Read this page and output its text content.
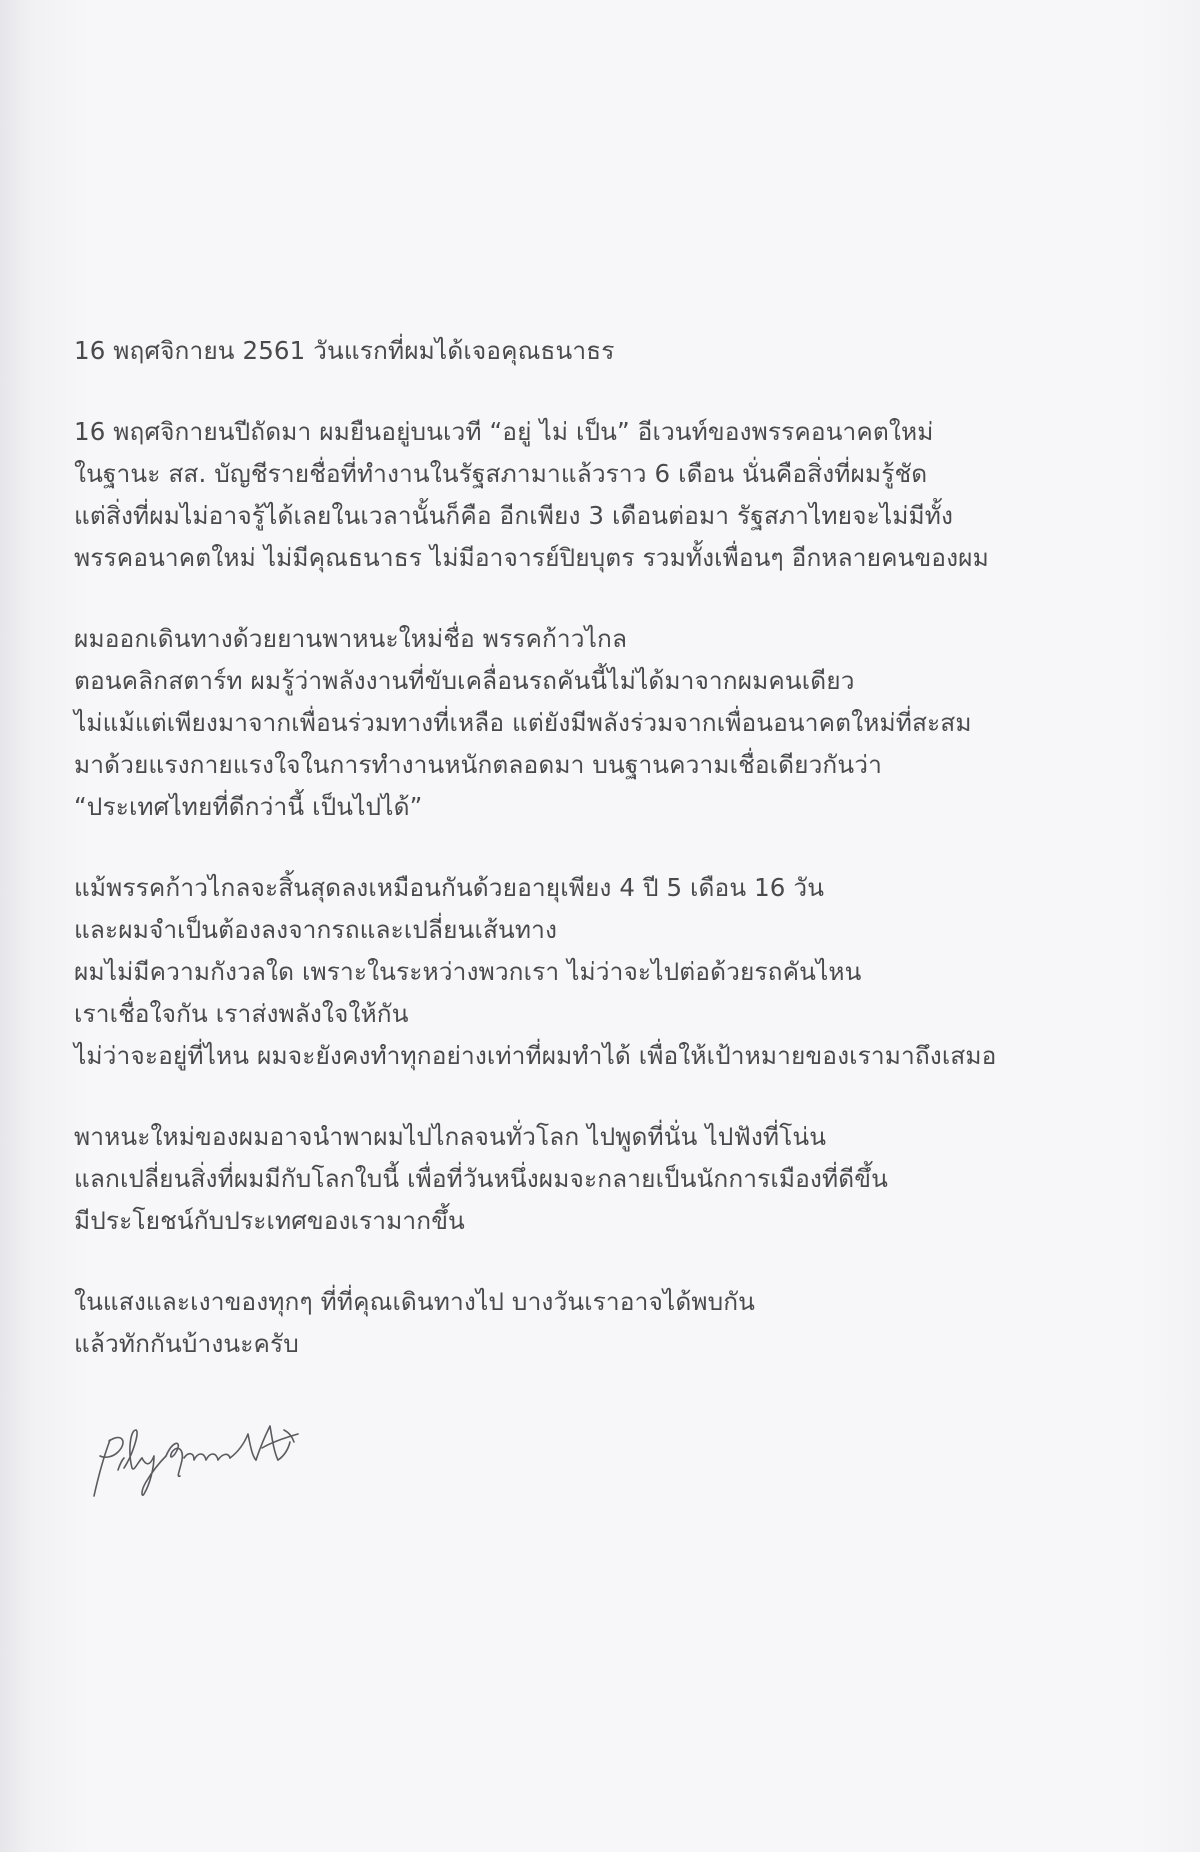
16 พฤศจิกายน 2561 วันแรกที่ผมได้เจอคุณธนาธร

16 พฤศจิกายนปีถัดมา ผมยืนอยู่บนเวที “อยู่ ไม่ เป็น” อีเวนท์ของพรรคอนาคตใหม่
ในฐานะ สส. บัญชีรายชื่อที่ทำงานในรัฐสภามาแล้วราว 6 เดือน นั่นคือสิ่งที่ผมรู้ชัด
แต่สิ่งที่ผมไม่อาจรู้ได้เลยในเวลานั้นก็คือ อีกเพียง 3 เดือนต่อมา รัฐสภาไทยจะไม่มีทั้ง
พรรคอนาคตใหม่ ไม่มีคุณธนาธร ไม่มีอาจารย์ปิยบุตร รวมทั้งเพื่อนๆ อีกหลายคนของผม

ผมออกเดินทางด้วยยานพาหนะใหม่ชื่อ พรรคก้าวไกล
ตอนคลิกสตาร์ท ผมรู้ว่าพลังงานที่ขับเคลื่อนรถคันนี้ไม่ได้มาจากผมคนเดียว
ไม่แม้แต่เพียงมาจากเพื่อนร่วมทางที่เหลือ แต่ยังมีพลังร่วมจากเพื่อนอนาคตใหม่ที่สะสม
มาด้วยแรงกายแรงใจในการทำงานหนักตลอดมา บนฐานความเชื่อเดียวกันว่า
“ประเทศไทยที่ดีกว่านี้ เป็นไปได้”

แม้พรรคก้าวไกลจะสิ้นสุดลงเหมือนกันด้วยอายุเพียง 4 ปี 5 เดือน 16 วัน
และผมจำเป็นต้องลงจากรถและเปลี่ยนเส้นทาง
ผมไม่มีความกังวลใด เพราะในระหว่างพวกเรา ไม่ว่าจะไปต่อด้วยรถคันไหน
เราเชื่อใจกัน เราส่งพลังใจให้กัน
ไม่ว่าจะอยู่ที่ไหน ผมจะยังคงทำทุกอย่างเท่าที่ผมทำได้ เพื่อให้เป้าหมายของเรามาถึงเสมอ

พาหนะใหม่ของผมอาจนำพาผมไปไกลจนทั่วโลก ไปพูดที่นั่น ไปฟังที่โน่น
แลกเปลี่ยนสิ่งที่ผมมีกับโลกใบนี้ เพื่อที่วันหนึ่งผมจะกลายเป็นนักการเมืองที่ดีขึ้น
มีประโยชน์กับประเทศของเรามากขึ้น

ในแสงและเงาของทุกๆ ที่ที่คุณเดินทางไป บางวันเราอาจได้พบกัน
แล้วทักกันบ้างนะครับ
